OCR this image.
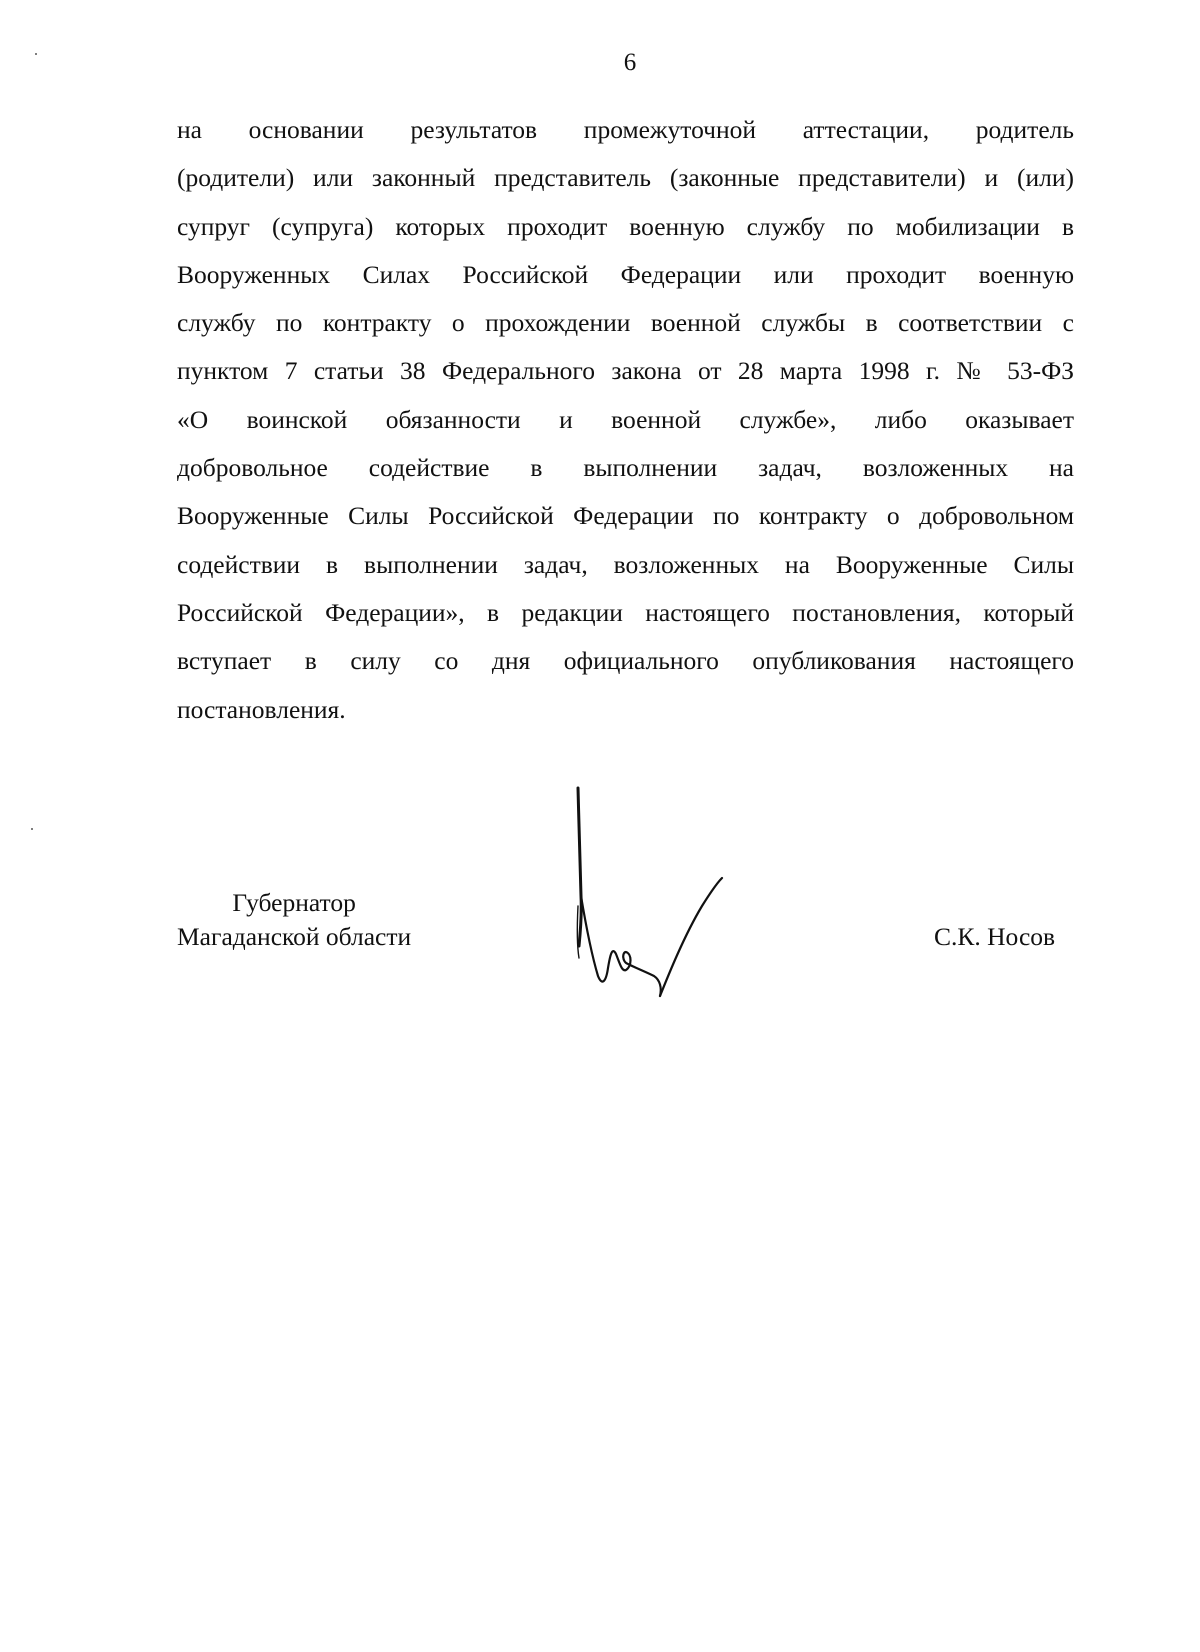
6
на основании результатов промежуточной аттестации, родитель
(родители) или законный представитель (законные представители) и (или)
супруг (супруга) которых проходит военную службу по мобилизации в
Вооруженных Силах Российской Федерации или проходит военную
службу по контракту о прохождении военной службы в соответствии с
пунктом 7 статьи 38 Федерального закона от 28 марта 1998 г. № 53-ФЗ
«О воинской обязанности и военной службе», либо оказывает
добровольное содействие в выполнении задач, возложенных на
Вооруженные Силы Российской Федерации по контракту о добровольном
содействии в выполнении задач, возложенных на Вооруженные Силы
Российской Федерации», в редакции настоящего постановления, который
вступает в силу со дня официального опубликования настоящего
постановления.
Губернатор
Магаданской области	С.К. Носов
